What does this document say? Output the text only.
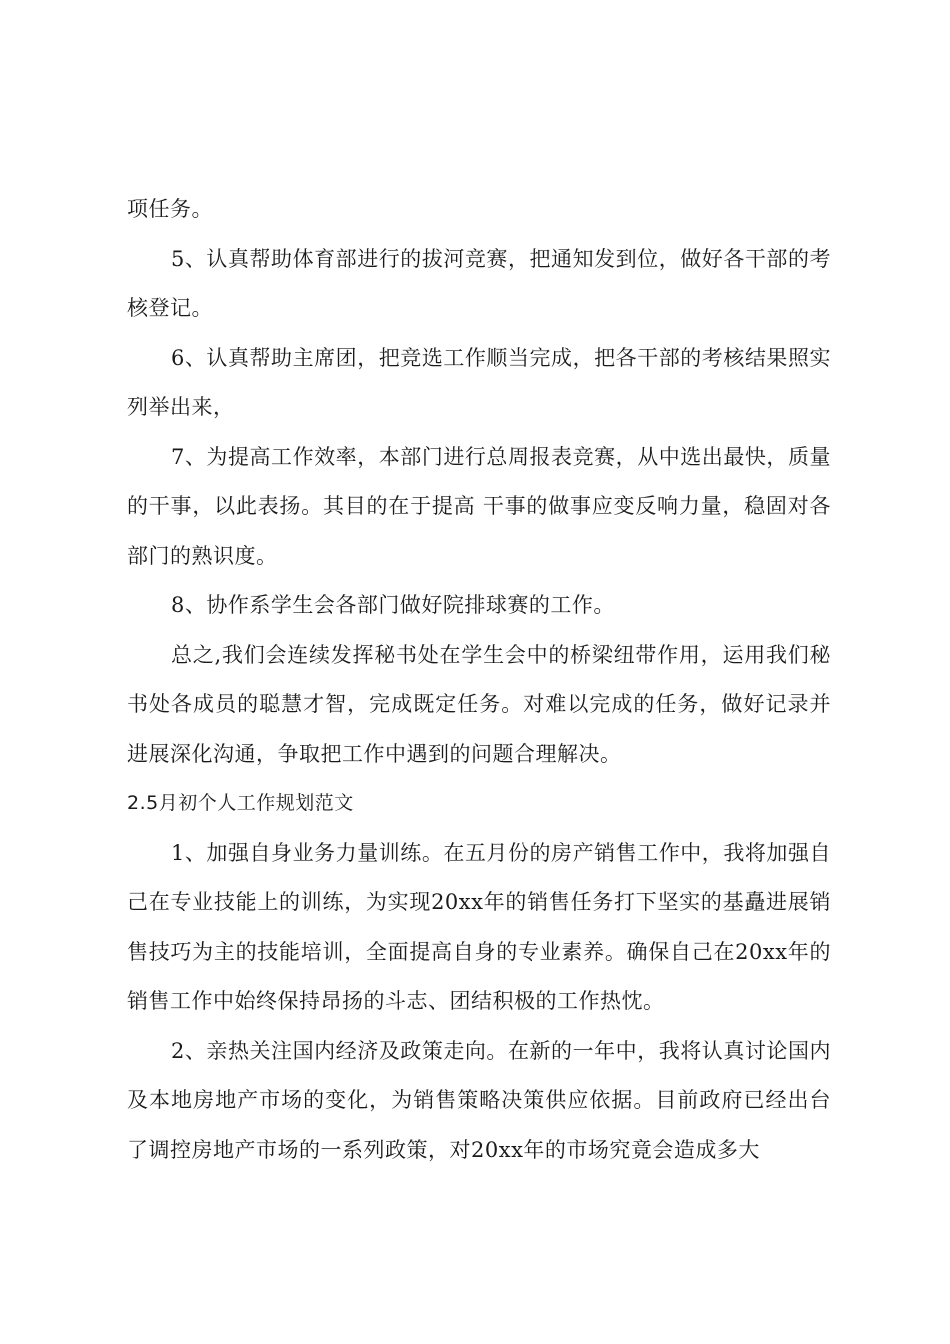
项任务。

5、认真帮助体育部进行的拔河竞赛，把通知发到位，做好各干部的考核登记。

6、认真帮助主席团，把竞选工作顺当完成，把各干部的考核结果照实列举出来，

7、为提高工作效率，本部门进行总周报表竞赛，从中选出最快，质量的干事，以此表扬。其目的在于提高 干事的做事应变反响力量，稳固对各部门的熟识度。

8、协作系学生会各部门做好院排球赛的工作。

总之,我们会连续发挥秘书处在学生会中的桥梁纽带作用，运用我们秘书处各成员的聪慧才智，完成既定任务。对难以完成的任务，做好记录并进展深化沟通，争取把工作中遇到的问题合理解决。

2.5月初个人工作规划范文

1、加强自身业务力量训练。在五月份的房产销售工作中，我将加强自己在专业技能上的训练，为实现20xx年的销售任务打下坚实的基矗进展销售技巧为主的技能培训，全面提高自身的专业素养。确保自己在20xx年的销售工作中始终保持昂扬的斗志、团结积极的工作热忱。

2、亲热关注国内经济及政策走向。在新的一年中，我将认真讨论国内及本地房地产市场的变化，为销售策略决策供应依据。目前政府已经出台了调控房地产市场的一系列政策，对20xx年的市场究竟会造成多大
